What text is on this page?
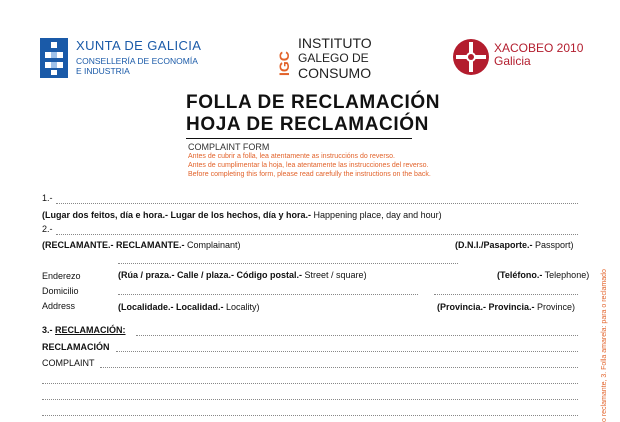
XUNTA DE GALICIA
CONSELLERÍA DE ECONOMÍA
E INDUSTRIA	IGC
INSTITUTO
GALEGO DE
CONSUMO
XACOBEO 2010
Galicia
FOLLA DE RECLAMACIÓN
HOJA DE RECLAMACIÓN
COMPLAINT FORM
Antes de cubrir a folla, lea atentamente as instruccións do reverso.
Antes de cumplimentar la hoja, lea atentamente las instrucciones del reverso.
Before completing this form, please read carefully the instructions on the back.
1.-
(Lugar dos feitos, día e hora.- Lugar de los hechos, día y hora.- Happening place, day and hour)
2.-
(RECLAMANTE.- RECLAMANTE.- Complainant)	(D.N.I./Pasaporte.- Passport)
Enderezo
Domicilio
Address
(Rúa / praza.- Calle / plaza.- Código postal.- Street / square)	(Teléfono.- Telephone)
(Localidade.- Localidad.- Locality)	(Provincia.- Provincia.- Province)
3.- RECLAMACIÓN:
RECLAMACIÓN
COMPLAINT	o reclamante, 3. Folla amarela: para o reclamado
